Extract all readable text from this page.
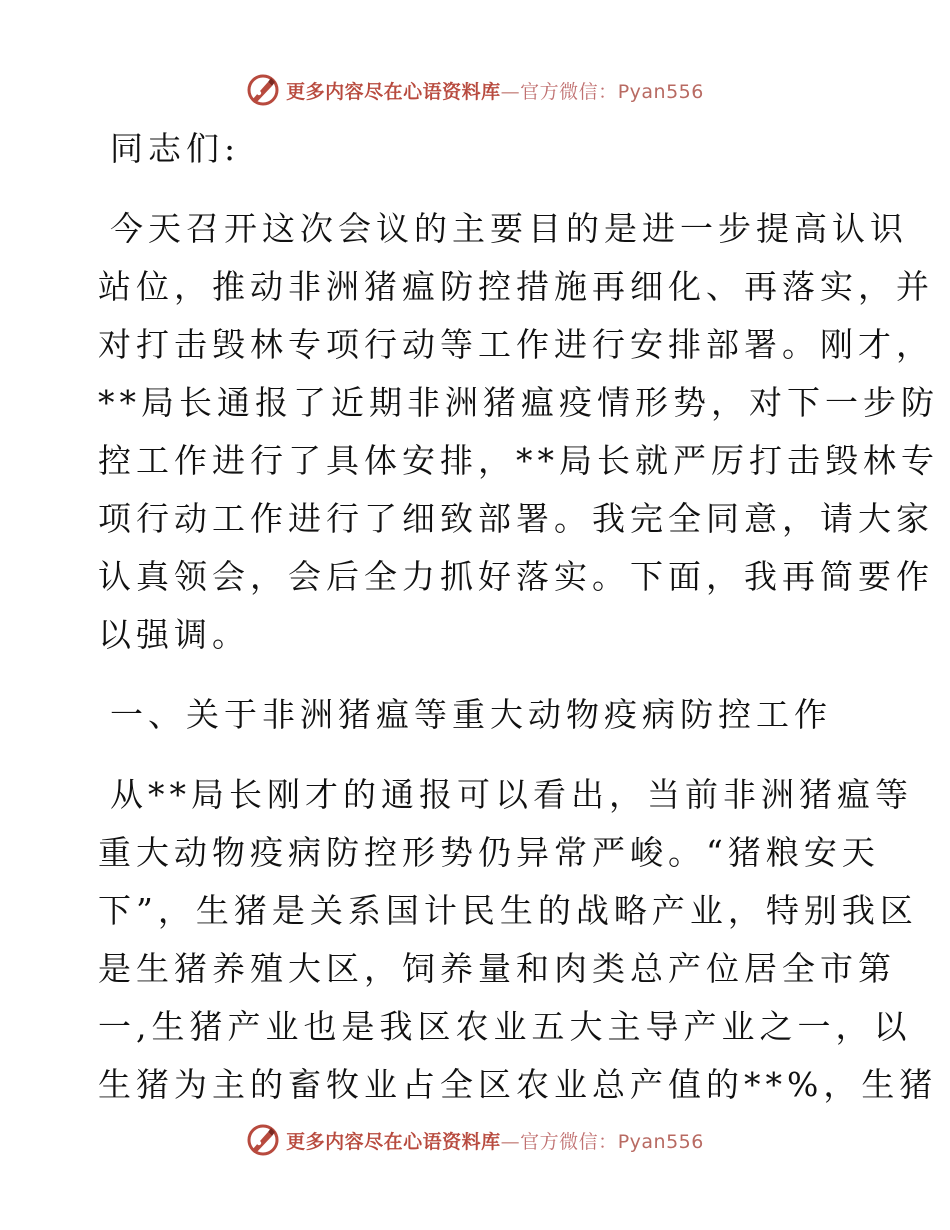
更多内容尽在心语资料库—官方微信：Pyan556
同志们:
今天召开这次会议的主要目的是进一步提高认识
站位，推动非洲猪瘟防控措施再细化、再落实，并
对打击毁林专项行动等工作进行安排部署。刚才，
**局长通报了近期非洲猪瘟疫情形势，对下一步防
控工作进行了具体安排，**局长就严厉打击毁林专
项行动工作进行了细致部署。我完全同意，请大家
认真领会，会后全力抓好落实。下面，我再简要作
以强调。
一、关于非洲猪瘟等重大动物疫病防控工作
从**局长刚才的通报可以看出，当前非洲猪瘟等
重大动物疫病防控形势仍异常严峻。“猪粮安天
下”，生猪是关系国计民生的战略产业，特别我区
是生猪养殖大区，饲养量和肉类总产位居全市第
一,生猪产业也是我区农业五大主导产业之一，以
生猪为主的畜牧业占全区农业总产值的**%，生猪
更多内容尽在心语资料库—官方微信：Pyan556
